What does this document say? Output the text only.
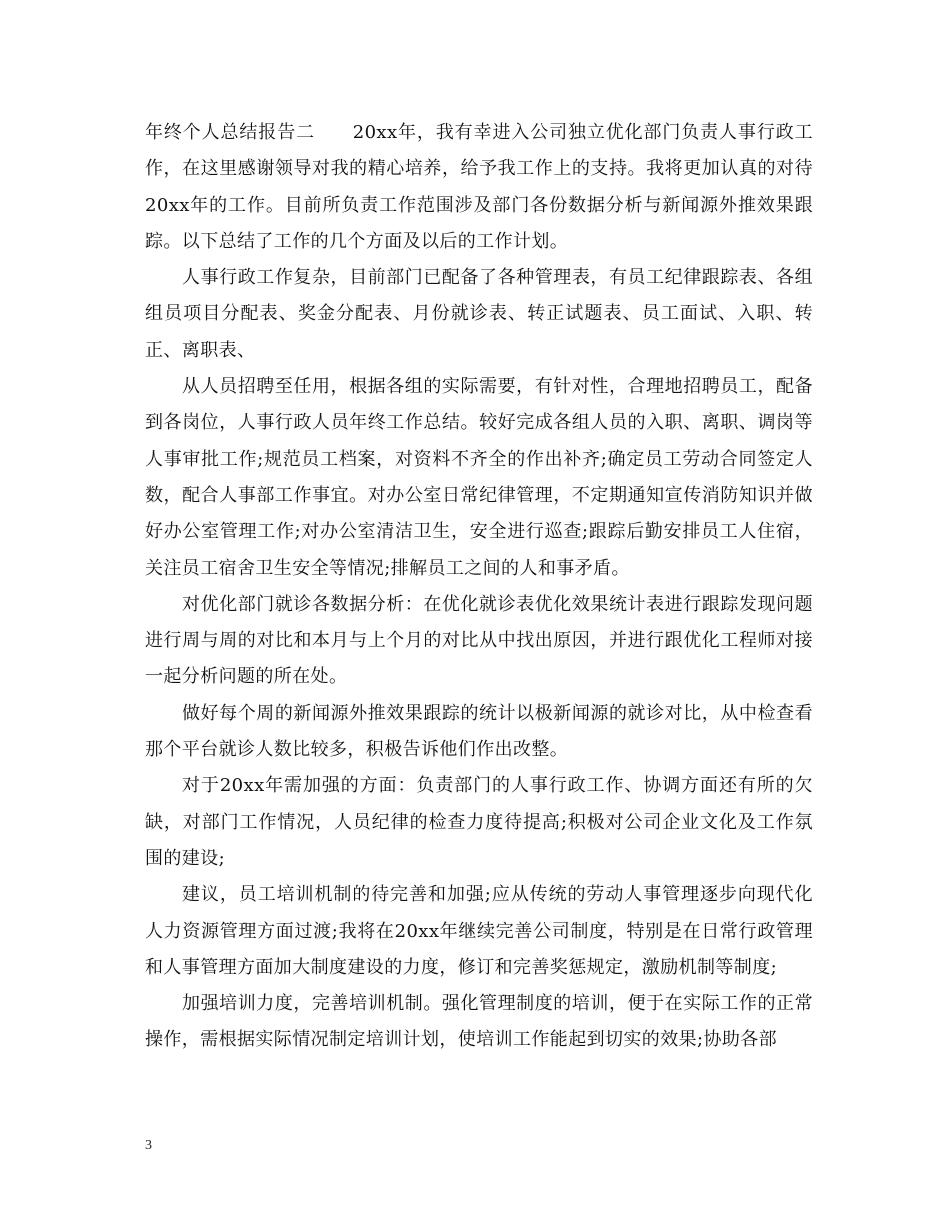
年终个人总结报告二　　20xx年，我有幸进入公司独立优化部门负责人事行政工作，在这里感谢领导对我的精心培养，给予我工作上的支持。我将更加认真的对待20xx年的工作。目前所负责工作范围涉及部门各份数据分析与新闻源外推效果跟踪。以下总结了工作的几个方面及以后的工作计划。

人事行政工作复杂，目前部门已配备了各种管理表，有员工纪律跟踪表、各组组员项目分配表、奖金分配表、月份就诊表、转正试题表、员工面试、入职、转正、离职表、

从人员招聘至任用，根据各组的实际需要，有针对性，合理地招聘员工，配备到各岗位，人事行政人员年终工作总结。较好完成各组人员的入职、离职、调岗等人事审批工作;规范员工档案，对资料不齐全的作出补齐;确定员工劳动合同签定人数，配合人事部工作事宜。对办公室日常纪律管理，不定期通知宣传消防知识并做好办公室管理工作;对办公室清洁卫生，安全进行巡查;跟踪后勤安排员工人住宿，关注员工宿舍卫生安全等情况;排解员工之间的人和事矛盾。

对优化部门就诊各数据分析：在优化就诊表优化效果统计表进行跟踪发现问题进行周与周的对比和本月与上个月的对比从中找出原因，并进行跟优化工程师对接一起分析问题的所在处。

做好每个周的新闻源外推效果跟踪的统计以极新闻源的就诊对比，从中检查看那个平台就诊人数比较多，积极告诉他们作出改整。

对于20xx年需加强的方面：负责部门的人事行政工作、协调方面还有所的欠缺，对部门工作情况，人员纪律的检查力度待提高;积极对公司企业文化及工作氛围的建设;

建议，员工培训机制的待完善和加强;应从传统的劳动人事管理逐步向现代化人力资源管理方面过渡;我将在20xx年继续完善公司制度，特别是在日常行政管理和人事管理方面加大制度建设的力度，修订和完善奖惩规定，激励机制等制度;

加强培训力度，完善培训机制。强化管理制度的培训，便于在实际工作的正常操作，需根据实际情况制定培训计划，使培训工作能起到切实的效果;协助各部

3
